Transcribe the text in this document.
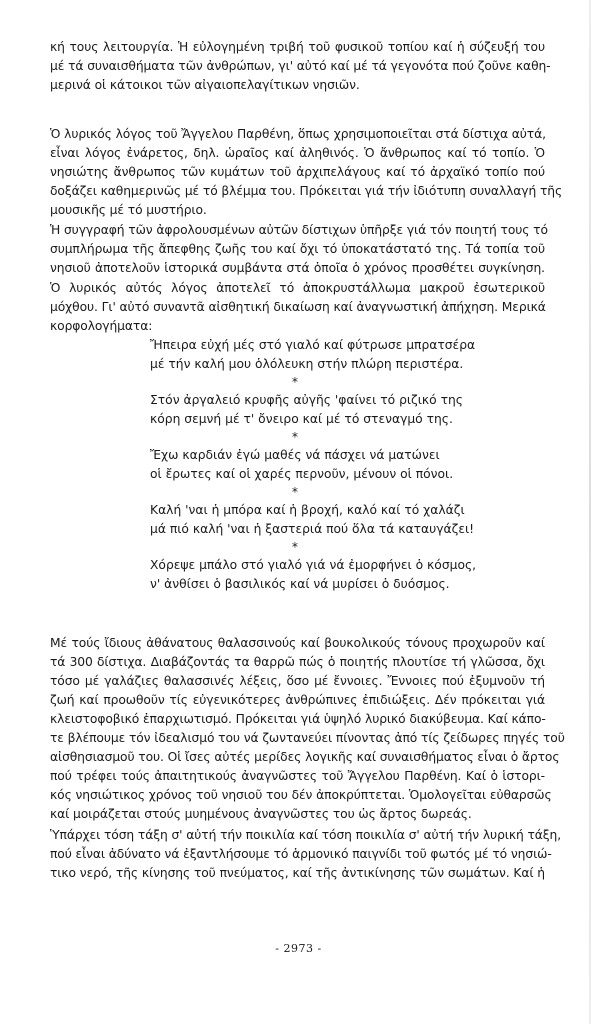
κή τους λειτουργία. Ἡ εὐλογημένη τριβή τοῦ φυσικοῦ τοπίου καί ἡ σύζευξή του
μέ τά συναισθήματα τῶν ἀνθρώπων, γι' αὐτό καί μέ τά γεγονότα πού ζοῦνε καθη-
μερινά οἱ κάτοικοι τῶν αἰγαιοπελαγίτικων νησιῶν.
Ὁ λυρικός λόγος τοῦ Ἄγγελου Παρθένη, ὅπως χρησιμοποιεῖται στά δίστιχα αὐτά,
εἶναι λόγος ἐνάρετος, δηλ. ὡραῖος καί ἀληθινός. Ὁ ἄνθρωπος καί τό τοπίο. Ὁ
νησιώτης ἄνθρωπος τῶν κυμάτων τοῦ ἀρχιπελάγους καί τό ἀρχαϊκό τοπίο πού
δοξάζει καθημερινῶς μέ τό βλέμμα του. Πρόκειται γιά τήν ἰδιότυπη συναλλαγή τῆς
μουσικῆς μέ τό μυστήριο.
Ἡ συγγραφή τῶν ἀφρολουσμένων αὐτῶν δίστιχων ὑπῆρξε γιά τόν ποιητή τους τό
συμπλήρωμα τῆς ἄπεφθης ζωῆς του καί ὄχι τό ὑποκατάστατό της. Τά τοπία τοῦ
νησιοῦ ἀποτελοῦν ἱστορικά συμβάντα στά ὁποῖα ὁ χρόνος προσθέτει συγκίνηση.
Ὁ λυρικός αὐτός λόγος ἀποτελεῖ τό ἀποκρυστάλλωμα μακροῦ ἐσωτερικοῦ
μόχθου. Γι' αὐτό συναντᾶ αἰσθητική δικαίωση καί ἀναγνωστική ἀπήχηση. Μερικά
κορφολογήματα:
Ἤπειρα εὐχή μές στό γιαλό καί φύτρωσε μπρατσέρα
μέ τήν καλή μου ὁλόλευκη στήν πλώρη περιστέρα.
*
Στόν ἀργαλειό κρυφῆς αὐγῆς 'φαίνει τό ριζικό της
κόρη σεμνή μέ τ' ὄνειρο καί μέ τό στεναγμό της.
*
Ἔχω καρδιάν ἐγώ μαθές νά πάσχει νά ματώνει
οἱ ἔρωτες καί οἱ χαρές περνοῦν, μένουν οἱ πόνοι.
*
Καλή 'ναι ἡ μπόρα καί ἡ βροχή, καλό καί τό χαλάζι
μά πιό καλή 'ναι ἡ ξαστεριά πού ὅλα τά καταυγάζει!
*
Χόρεψε μπάλο στό γιαλό γιά νά ἐμορφήνει ὁ κόσμος,
ν' ἀνθίσει ὁ βασιλικός καί νά μυρίσει ὁ δυόσμος.
Μέ τούς ἴδιους ἀθάνατους θαλασσινούς καί βουκολικούς τόνους προχωροῦν καί
τά 300 δίστιχα. Διαβάζοντάς τα θαρρῶ πώς ὁ ποιητής πλουτίσε τή γλῶσσα, ὄχι
τόσο μέ γαλάζιες θαλασσινές λέξεις, ὅσο μέ ἔννοιες. Ἔννοιες πού ἐξυμνοῦν τή
ζωή καί προωθοῦν τίς εὐγενικότερες ἀνθρώπινες ἐπιδιώξεις. Δέν πρόκειται γιά
κλειστοφοβικό ἐπαρχιωτισμό. Πρόκειται γιά ὑψηλό λυρικό διακύβευμα. Καί κάπο-
τε βλέπουμε τόν ἰδεαλισμό του νά ζωντανεύει πίνοντας ἀπό τίς ζείδωρες πηγές τοῦ
αἰσθησιασμοῦ του. Οἱ ἴσες αὐτές μερίδες λογικῆς καί συναισθήματος εἶναι ὁ ἄρτος
πού τρέφει τούς ἀπαιτητικούς ἀναγνῶστες τοῦ Ἄγγελου Παρθένη. Καί ὁ ἱστορι-
κός νησιώτικος χρόνος τοῦ νησιοῦ του δέν ἀποκρύπτεται. Ὁμολογεῖται εὐθαρσῶς
καί μοιράζεται στούς μυημένους ἀναγνῶστες του ὡς ἄρτος δωρεάς.
Ὑπάρχει τόση τάξη σ' αὐτή τήν ποικιλία καί τόση ποικιλία σ' αὐτή τήν λυρική τάξη,
πού εἶναι ἀδύνατο νά ἐξαντλήσουμε τό ἁρμονικό παιγνίδι τοῦ φωτός μέ τό νησιώ-
τικο νερό, τῆς κίνησης τοῦ πνεύματος, καί τῆς ἀντικίνησης τῶν σωμάτων. Καί ἡ
- 2973 -
